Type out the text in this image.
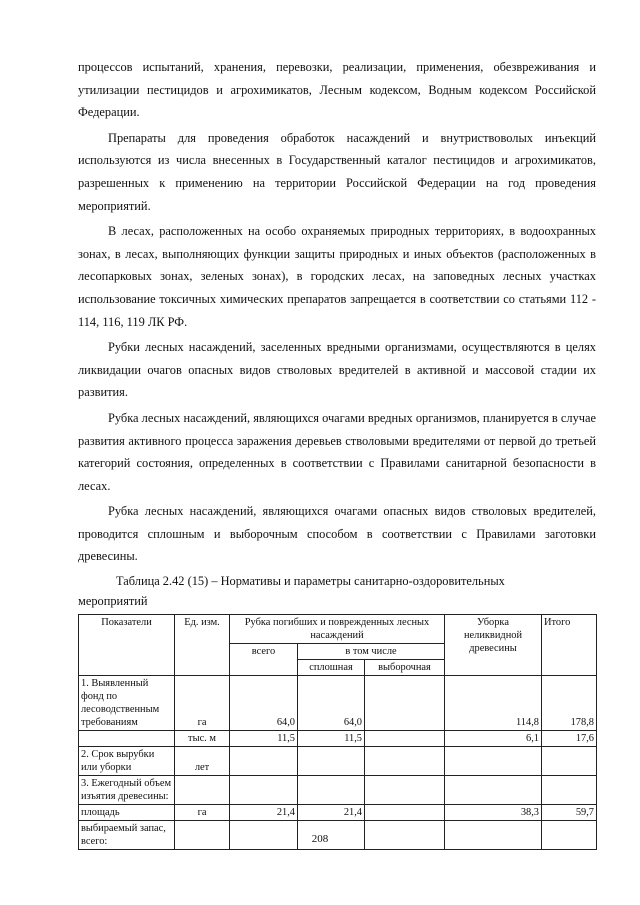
процессов испытаний, хранения, перевозки, реализации, применения, обезвреживания и утилизации пестицидов и агрохимикатов, Лесным кодексом, Водным кодексом Российской Федерации.

Препараты для проведения обработок насаждений и внутриствоволых инъекций используются из числа внесенных в Государственный каталог пестицидов и агрохимикатов, разрешенных к применению на территории Российской Федерации на год проведения мероприятий.

В лесах, расположенных на особо охраняемых природных территориях, в водоохранных зонах, в лесах, выполняющих функции защиты природных и иных объектов (расположенных в лесопарковых зонах, зеленых зонах), в городских лесах, на заповедных лесных участках использование токсичных химических препаратов запрещается в соответствии со статьями 112 - 114, 116, 119 ЛК РФ.

Рубки лесных насаждений, заселенных вредными организмами, осуществляются в целях ликвидации очагов опасных видов стволовых вредителей в активной и массовой стадии их развития.

Рубка лесных насаждений, являющихся очагами вредных организмов, планируется в случае развития активного процесса заражения деревьев стволовыми вредителями от первой до третьей категорий состояния, определенных в соответствии с Правилами санитарной безопасности в лесах.

Рубка лесных насаждений, являющихся очагами опасных видов стволовых вредителей, проводится сплошным и выборочным способом в соответствии с Правилами заготовки древесины.

Таблица 2.42 (15) – Нормативы и параметры санитарно-оздоровительных
мероприятий
Показатели	Ед. изм.	Рубка погибших и поврежденных лесных насаждений			Уборка неликвидной древесины	Итого
		всего	в том числе			
			сплошная	выборочная		
1. Выявленный фонд по лесоводственным требованиям	га	64,0	64,0		114,8	178,8
	тыс. м	11,5	11,5		6,1	17,6
2. Срок вырубки или уборки	лет					
3. Ежегодный объем изъятия древесины:						
площадь	га	21,4	21,4		38,3	59,7
выбираемый запас, всего:							208
